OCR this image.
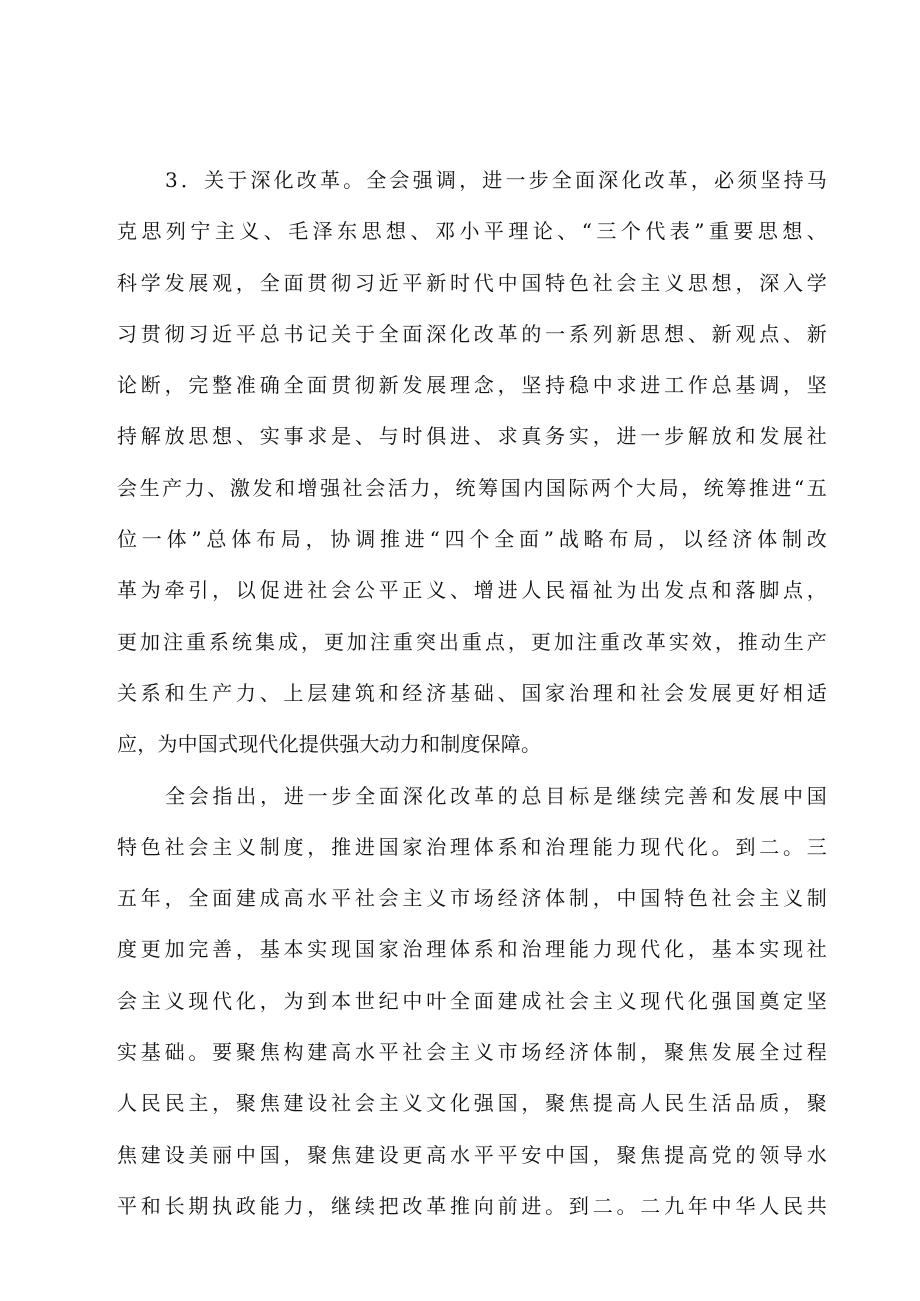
3．关于深化改革。全会强调，进一步全面深化改革，必须坚持马
克思列宁主义、毛泽东思想、邓小平理论、“三个代表”重要思想、
科学发展观，全面贯彻习近平新时代中国特色社会主义思想，深入学
习贯彻习近平总书记关于全面深化改革的一系列新思想、新观点、新
论断，完整准确全面贯彻新发展理念，坚持稳中求进工作总基调，坚
持解放思想、实事求是、与时俱进、求真务实，进一步解放和发展社
会生产力、激发和增强社会活力，统筹国内国际两个大局，统筹推进“五
位一体”总体布局，协调推进“四个全面”战略布局，以经济体制改
革为牵引，以促进社会公平正义、增进人民福祉为出发点和落脚点，
更加注重系统集成，更加注重突出重点，更加注重改革实效，推动生产
关系和生产力、上层建筑和经济基础、国家治理和社会发展更好相适
应，为中国式现代化提供强大动力和制度保障。
全会指出，进一步全面深化改革的总目标是继续完善和发展中国
特色社会主义制度，推进国家治理体系和治理能力现代化。到二。三
五年，全面建成高水平社会主义市场经济体制，中国特色社会主义制
度更加完善，基本实现国家治理体系和治理能力现代化，基本实现社
会主义现代化，为到本世纪中叶全面建成社会主义现代化强国奠定坚
实基础。要聚焦构建高水平社会主义市场经济体制，聚焦发展全过程
人民民主，聚焦建设社会主义文化强国，聚焦提高人民生活品质，聚
焦建设美丽中国，聚焦建设更高水平平安中国，聚焦提高党的领导水
平和长期执政能力，继续把改革推向前进。到二。二九年中华人民共
